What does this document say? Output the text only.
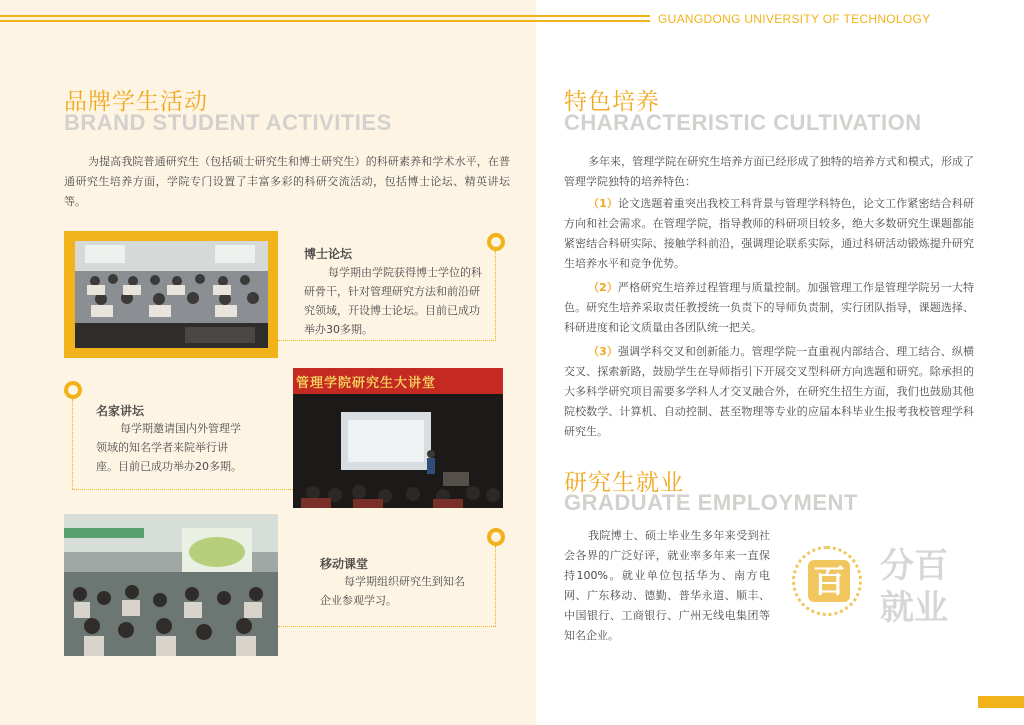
GUANGDONG UNIVERSITY OF TECHNOLOGY
品牌学生活动
BRAND STUDENT ACTIVITIES
为提高我院普通研究生（包括硕士研究生和博士研究生）的科研素养和学术水平，在普通研究生培养方面，学院专门设置了丰富多彩的科研交流活动，包括博士论坛、精英讲坛等。
博士论坛
每学期由学院获得博士学位的科研骨干，针对管理研究方法和前沿研究领域，开设博士论坛。目前已成功举办30多期。
名家讲坛
每学期邀请国内外管理学领域的知名学者来院举行讲座。目前已成功举办20多期。
管理学院研究生大讲堂
移动课堂
每学期组织研究生到知名企业参观学习。
特色培养
CHARACTERISTIC CULTIVATION
多年来，管理学院在研究生培养方面已经形成了独特的培养方式和模式，形成了管理学院独特的培养特色：
（1）论文选题着重突出我校工科背景与管理学科特色，论文工作紧密结合科研方向和社会需求。在管理学院，指导教师的科研项目较多，绝大多数研究生课题都能紧密结合科研实际、接触学科前沿，强调理论联系实际，通过科研活动锻炼提升研究生培养水平和竞争优势。
（2）严格研究生培养过程管理与质量控制。加强管理工作是管理学院另一大特色。研究生培养采取责任教授统一负责下的导师负责制，实行团队指导，课题选择、科研进度和论文质量由各团队统一把关。
（3）强调学科交叉和创新能力。管理学院一直重视内部结合、理工结合、纵横交叉、探索新路，鼓励学生在导师指引下开展交叉型科研方向选题和研究。除承担的大多科学研究项目需要多学科人才交叉融合外，在研究生招生方面，我们也鼓励其他院校数学、计算机、自动控制、甚至物理等专业的应届本科毕业生报考我校管理学科研究生。
研究生就业
GRADUATE EMPLOYMENT
我院博士、硕士毕业生多年来受到社会各界的广泛好评，就业率多年来一直保持100%。就业单位包括华为、南方电网、广东移动、德勤、普华永道、顺丰、中国银行、工商银行、广州无线电集团等知名企业。
百 分百
就业
